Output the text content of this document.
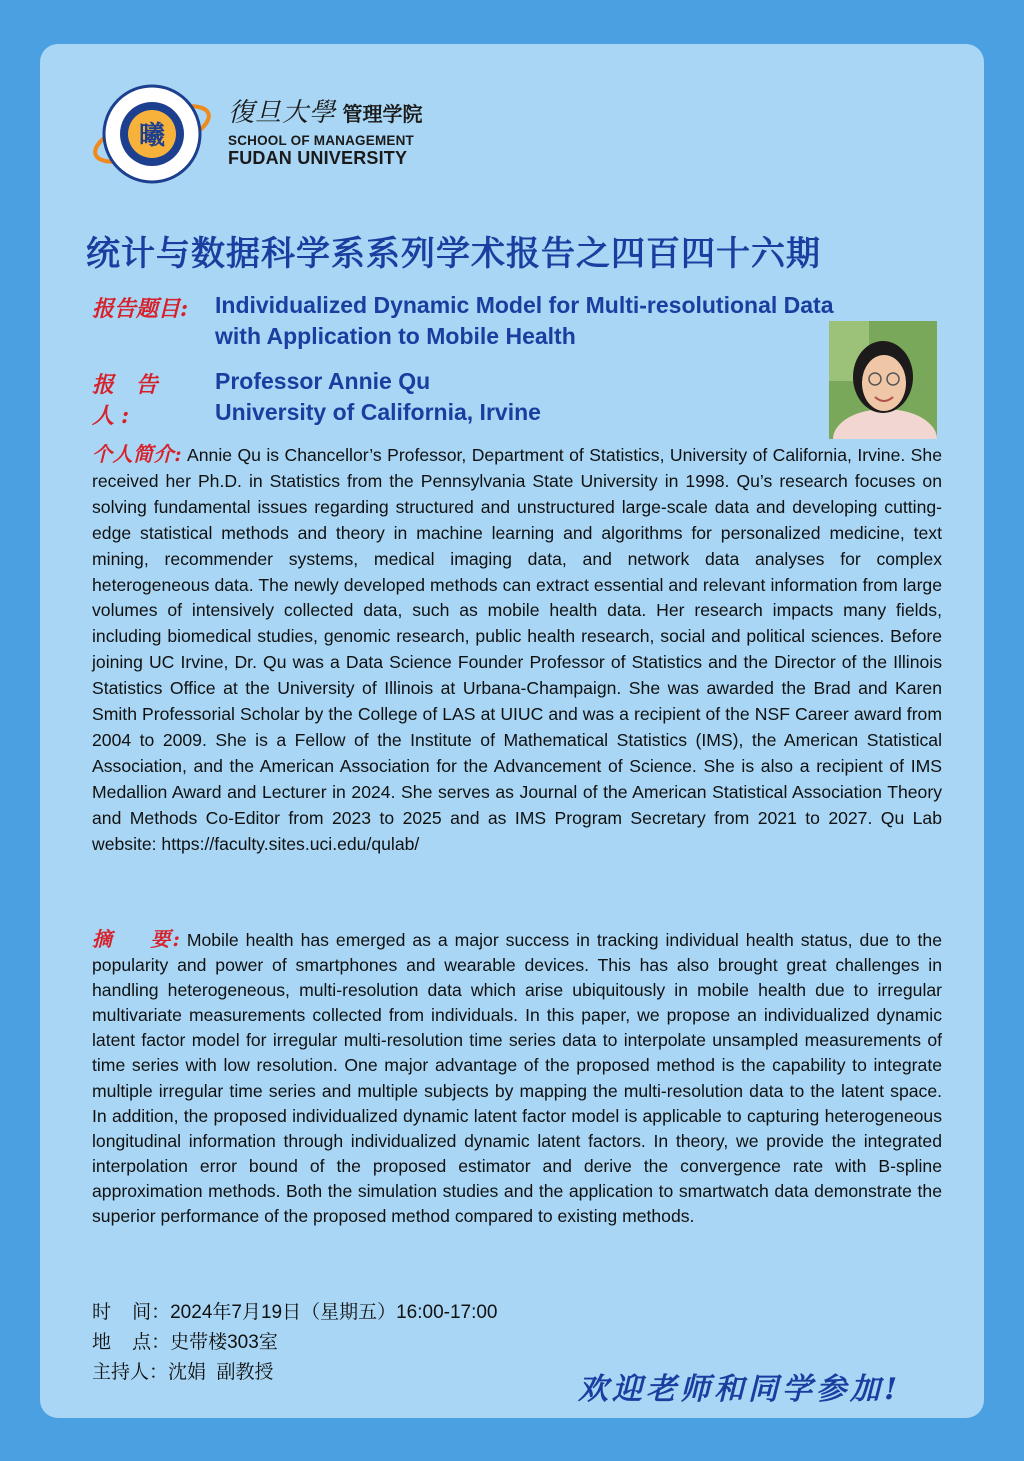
曦
復旦大學 管理学院
SCHOOL OF MANAGEMENT
FUDAN UNIVERSITY
统计与数据科学系系列学术报告之四百四十六期
报告题目:	Individualized Dynamic Model for Multi-resolutional Data
with Application to Mobile Health
报 告 人:
Professor Annie Qu
University of California, Irvine
个人简介: Annie Qu is Chancellor’s Professor, Department of Statistics, University of California, Irvine. She received her Ph.D. in Statistics from the Pennsylvania State University in 1998. Qu’s research focuses on solving fundamental issues regarding structured and unstructured large-scale data and developing cutting-edge statistical methods and theory in machine learning and algorithms for personalized medicine, text mining, recommender systems, medical imaging data, and network data analyses for complex heterogeneous data. The newly developed methods can extract essential and relevant information from large volumes of intensively collected data, such as mobile health data. Her research impacts many fields, including biomedical studies, genomic research, public health research, social and political sciences. Before joining UC Irvine, Dr. Qu was a Data Science Founder Professor of Statistics and the Director of the Illinois Statistics Office at the University of Illinois at Urbana-Champaign. She was awarded the Brad and Karen Smith Professorial Scholar by the College of LAS at UIUC and was a recipient of the NSF Career award from 2004 to 2009. She is a Fellow of the Institute of Mathematical Statistics (IMS), the American Statistical Association, and the American Association for the Advancement of Science. She is also a recipient of IMS Medallion Award and Lecturer in 2024. She serves as Journal of the American Statistical Association Theory and Methods Co-Editor from 2023 to 2025 and as IMS Program Secretary from 2021 to 2027. Qu Lab website: https://faculty.sites.uci.edu/qulab/
摘    要: Mobile health has emerged as a major success in tracking individual health status, due to the popularity and power of smartphones and wearable devices. This has also brought great challenges in handling heterogeneous, multi-resolution data which arise ubiquitously in mobile health due to irregular multivariate measurements collected from individuals. In this paper, we propose an individualized dynamic latent factor model for irregular multi-resolution time series data to interpolate unsampled measurements of time series with low resolution. One major advantage of the proposed method is the capability to integrate multiple irregular time series and multiple subjects by mapping the multi-resolution data to the latent space. In addition, the proposed individualized dynamic latent factor model is applicable to capturing heterogeneous longitudinal information through individualized dynamic latent factors. In theory, we provide the integrated interpolation error bound of the proposed estimator and derive the convergence rate with B-spline approximation methods. Both the simulation studies and the application to smartwatch data demonstrate the superior performance of the proposed method compared to existing methods.
时    间：2024年7月19日（星期五）16:00-17:00
地    点：史带楼303室
主持人：沈娟  副教授	欢迎老师和同学参加!
